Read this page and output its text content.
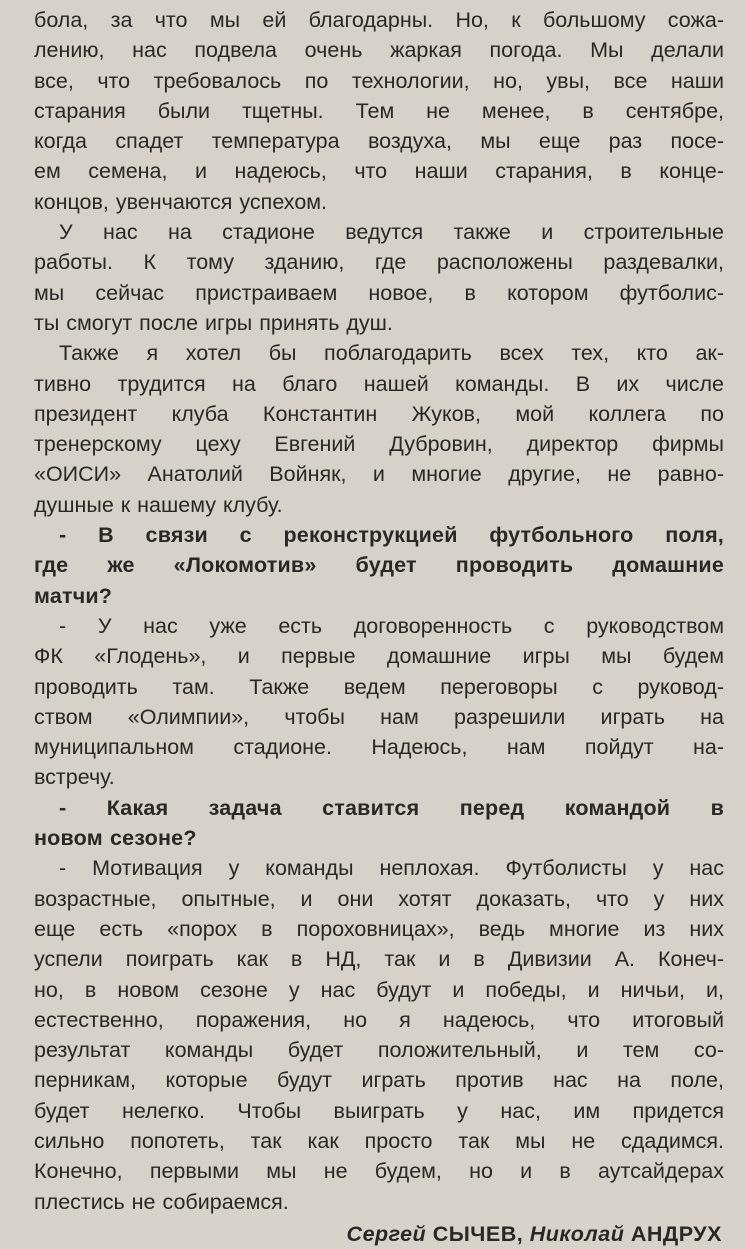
бола, за что мы ей благодарны. Но, к большому сожа-
лению, нас подвела очень жаркая погода. Мы делали
все, что требовалось по технологии, но, увы, все наши
старания были тщетны. Тем не менее, в сентябре,
когда спадет температура воздуха, мы еще раз посе-
ем семена, и надеюсь, что наши старания, в конце-
концов, увенчаются успехом.

У нас на стадионе ведутся также и строительные
работы. К тому зданию, где расположены раздевалки,
мы сейчас пристраиваем новое, в котором футболис-
ты смогут после игры принять душ.

Также я хотел бы поблагодарить всех тех, кто ак-
тивно трудится на благо нашей команды. В их числе
президент клуба Константин Жуков, мой коллега по
тренерскому цеху Евгений Дубровин, директор фирмы
«ОИСИ» Анатолий Войняк, и многие другие, не равно-
душные к нашему клубу.

- В связи с реконструкцией футбольного поля,
где же «Локомотив» будет проводить домашние
матчи?

- У нас уже есть договоренность с руководством
ФК «Глодень», и первые домашние игры мы будем
проводить там. Также ведем переговоры с руковод-
ством «Олимпии», чтобы нам разрешили играть на
муниципальном стадионе. Надеюсь, нам пойдут на-
встречу.

- Какая задача ставится перед командой в
новом сезоне?

- Мотивация у команды неплохая. Футболисты у нас
возрастные, опытные, и они хотят доказать, что у них
еще есть «порох в пороховницах», ведь многие из них
успели поиграть как в НД, так и в Дивизии А. Конеч-
но, в новом сезоне у нас будут и победы, и ничьи, и,
естественно, поражения, но я надеюсь, что итоговый
результат команды будет положительный, и тем со-
перникам, которые будут играть против нас на поле,
будет нелегко. Чтобы выиграть у нас, им придется
сильно попотеть, так как просто так мы не сдадимся.
Конечно, первыми мы не будем, но и в аутсайдерах
плестись не собираемся.

Сергей СЫЧЕВ, Николай АНДРУХ
